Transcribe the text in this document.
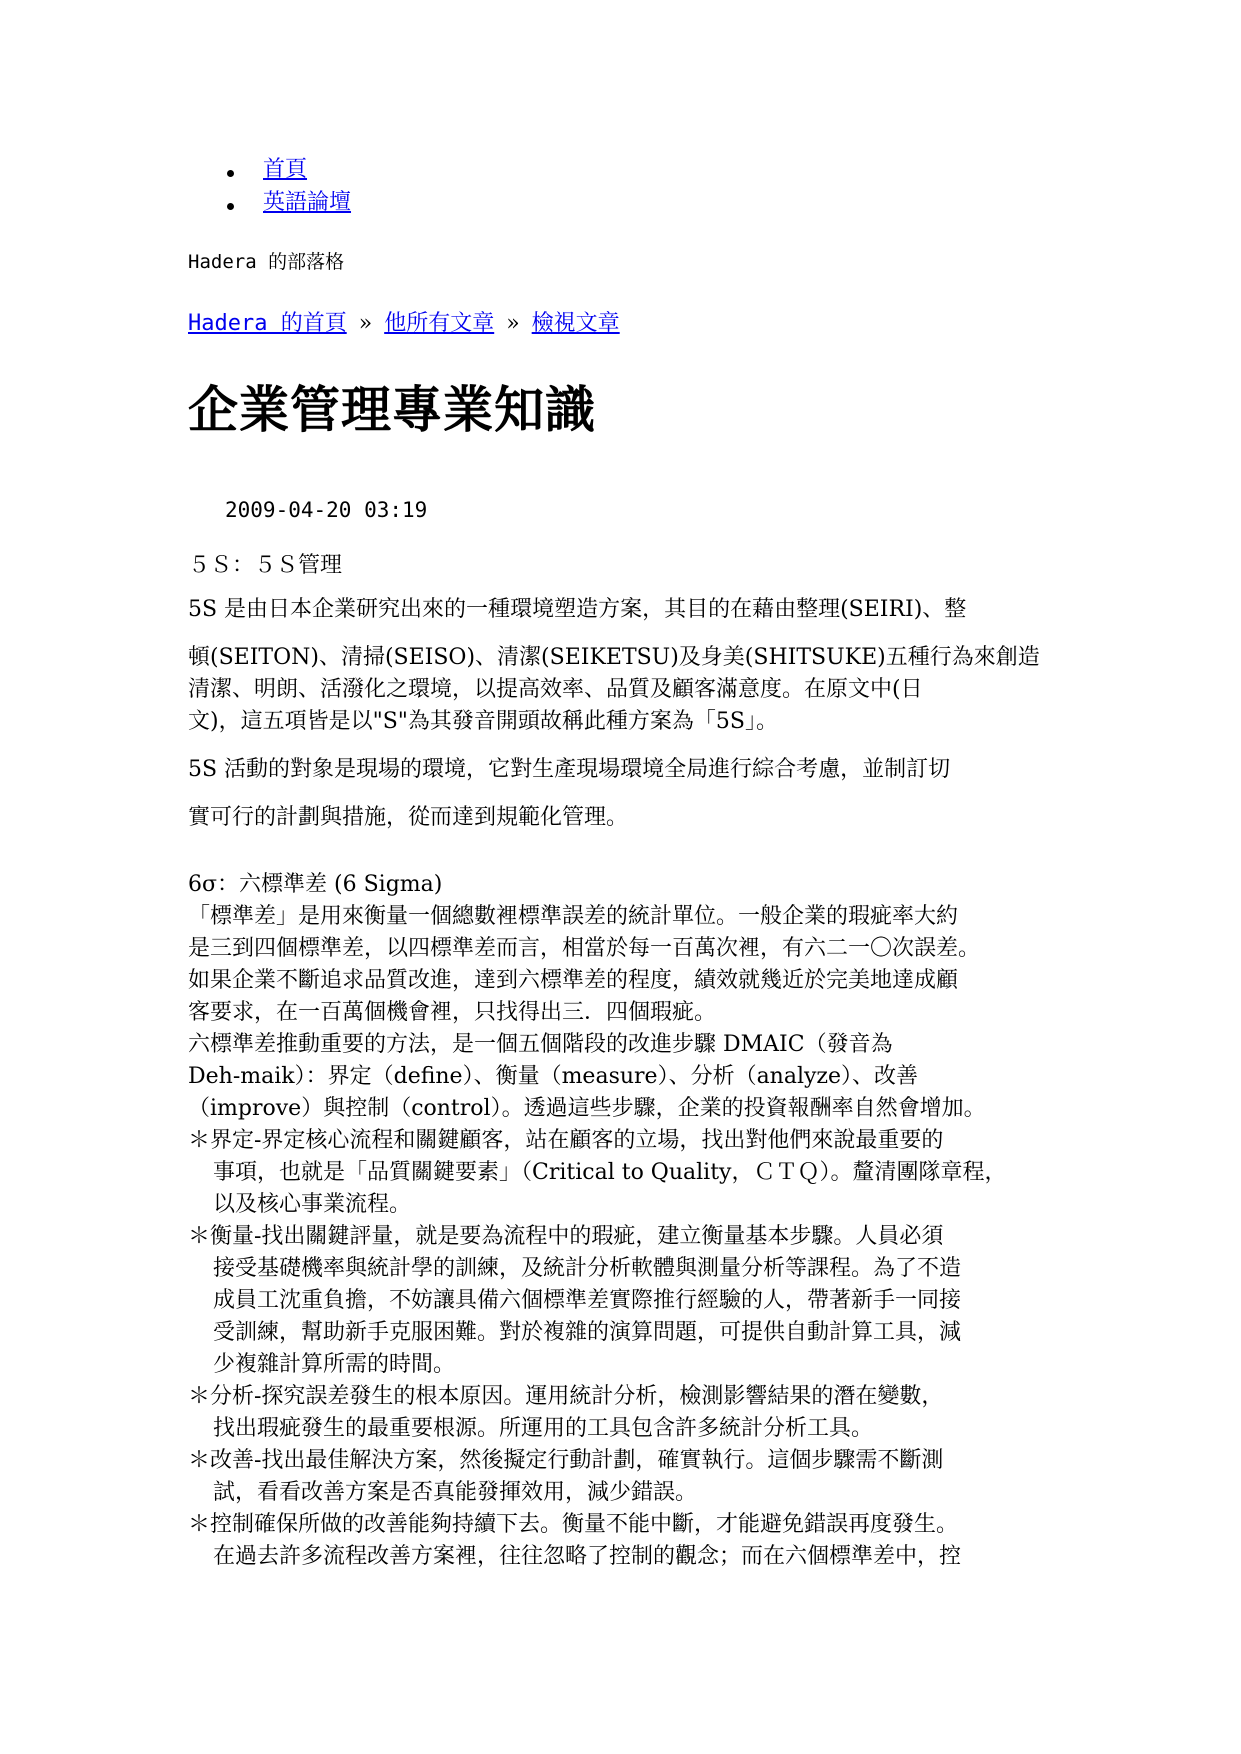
首頁
英語論壇
Hadera 的部落格
Hadera 的首頁 » 他所有文章 » 檢視文章
企業管理專業知識
2009-04-20 03:19
５Ｓ：５Ｓ管理
5S 是由日本企業研究出來的一種環境塑造方案，其目的在藉由整理(SEIRI)、整
頓(SEITON)、清掃(SEISO)、清潔(SEIKETSU)及身美(SHITSUKE)五種行為來創造
清潔、明朗、活潑化之環境，以提高效率、品質及顧客滿意度。在原文中(日
文)，這五項皆是以"S"為其發音開頭故稱此種方案為「5S」。
5S 活動的對象是現場的環境，它對生產現場環境全局進行綜合考慮，並制訂切
實可行的計劃與措施，從而達到規範化管理。
6σ：六標準差 (6 Sigma)
「標準差」是用來衡量一個總數裡標準誤差的統計單位。一般企業的瑕疵率大約
是三到四個標準差，以四標準差而言，相當於每一百萬次裡，有六二一〇次誤差。
如果企業不斷追求品質改進，達到六標準差的程度，績效就幾近於完美地達成顧
客要求，在一百萬個機會裡，只找得出三．四個瑕疵。
六標準差推動重要的方法，是一個五個階段的改進步驟 DMAIC（發音為
Deh-maik）：界定（define）、衡量（measure）、分析（analyze）、改善
（improve）與控制（control）。透過這些步驟，企業的投資報酬率自然會增加。
＊界定-界定核心流程和關鍵顧客，站在顧客的立場，找出對他們來說最重要的
事項，也就是「品質關鍵要素」（Critical to Quality，ＣＴＱ）。釐清團隊章程，
以及核心事業流程。
＊衡量-找出關鍵評量，就是要為流程中的瑕疵，建立衡量基本步驟。人員必須
接受基礎機率與統計學的訓練，及統計分析軟體與測量分析等課程。為了不造
成員工沈重負擔，不妨讓具備六個標準差實際推行經驗的人，帶著新手一同接
受訓練，幫助新手克服困難。對於複雜的演算問題，可提供自動計算工具，減
少複雜計算所需的時間。
＊分析-探究誤差發生的根本原因。運用統計分析，檢測影響結果的潛在變數，
找出瑕疵發生的最重要根源。所運用的工具包含許多統計分析工具。
＊改善-找出最佳解決方案，然後擬定行動計劃，確實執行。這個步驟需不斷測
試，看看改善方案是否真能發揮效用，減少錯誤。
＊控制確保所做的改善能夠持續下去。衡量不能中斷，才能避免錯誤再度發生。
在過去許多流程改善方案裡，往往忽略了控制的觀念；而在六個標準差中，控
